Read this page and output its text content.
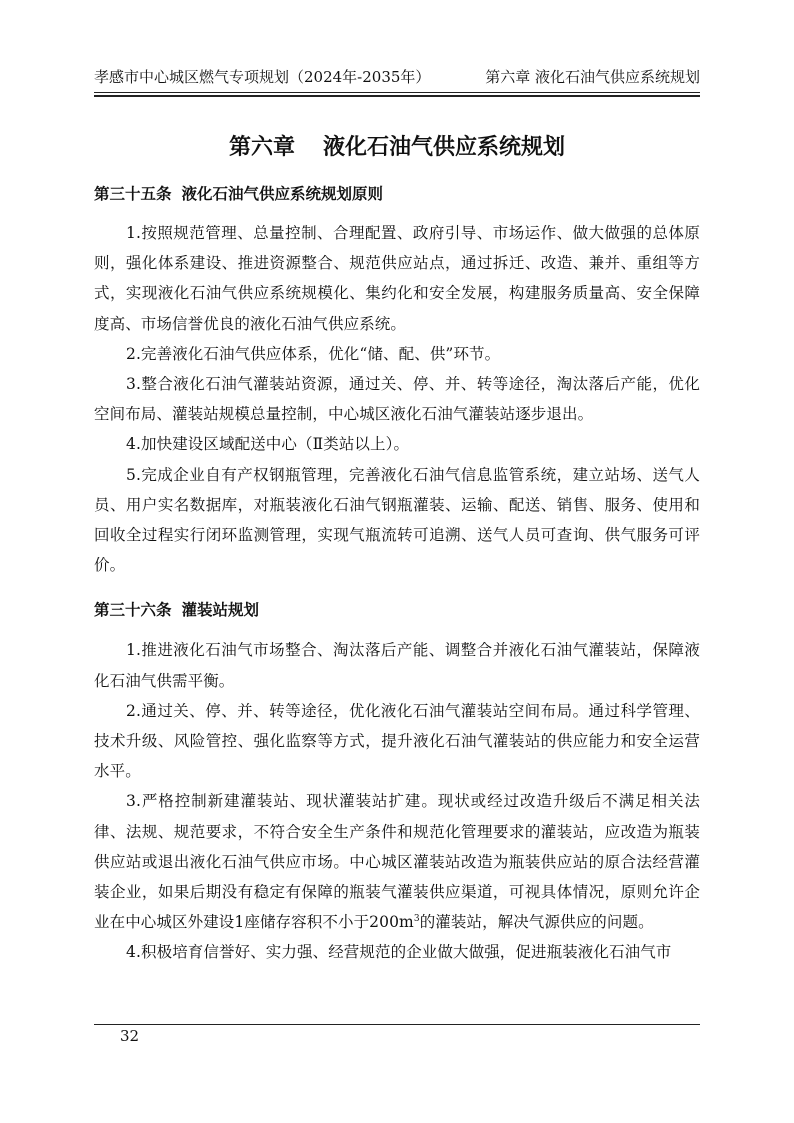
孝感市中心城区燃气专项规划（2024年-2035年）	第六章 液化石油气供应系统规划
第六章 液化石油气供应系统规划
第三十五条 液化石油气供应系统规划原则

1.按照规范管理、总量控制、合理配置、政府引导、市场运作、做大做强的总体原则，强化体系建设、推进资源整合、规范供应站点，通过拆迁、改造、兼并、重组等方式，实现液化石油气供应系统规模化、集约化和安全发展，构建服务质量高、安全保障度高、市场信誉优良的液化石油气供应系统。

2.完善液化石油气供应体系，优化“储、配、供”环节。

3.整合液化石油气灌装站资源，通过关、停、并、转等途径，淘汰落后产能，优化空间布局、灌装站规模总量控制，中心城区液化石油气灌装站逐步退出。

4.加快建设区域配送中心（Ⅱ类站以上）。

5.完成企业自有产权钢瓶管理，完善液化石油气信息监管系统，建立站场、送气人员、用户实名数据库，对瓶装液化石油气钢瓶灌装、运输、配送、销售、服务、使用和回收全过程实行闭环监测管理，实现气瓶流转可追溯、送气人员可查询、供气服务可评价。

第三十六条 灌装站规划

1.推进液化石油气市场整合、淘汰落后产能、调整合并液化石油气灌装站，保障液化石油气供需平衡。

2.通过关、停、并、转等途径，优化液化石油气灌装站空间布局。通过科学管理、技术升级、风险管控、强化监察等方式，提升液化石油气灌装站的供应能力和安全运营水平。

3.严格控制新建灌装站、现状灌装站扩建。现状或经过改造升级后不满足相关法律、法规、规范要求，不符合安全生产条件和规范化管理要求的灌装站，应改造为瓶装供应站或退出液化石油气供应市场。中心城区灌装站改造为瓶装供应站的原合法经营灌装企业，如果后期没有稳定有保障的瓶装气灌装供应渠道，可视具体情况，原则允许企业在中心城区外建设1座储存容积不小于$200m^3$的灌装站，解决气源供应的问题。

4.积极培育信誉好、实力强、经营规范的企业做大做强，促进瓶装液化石油气市

32
